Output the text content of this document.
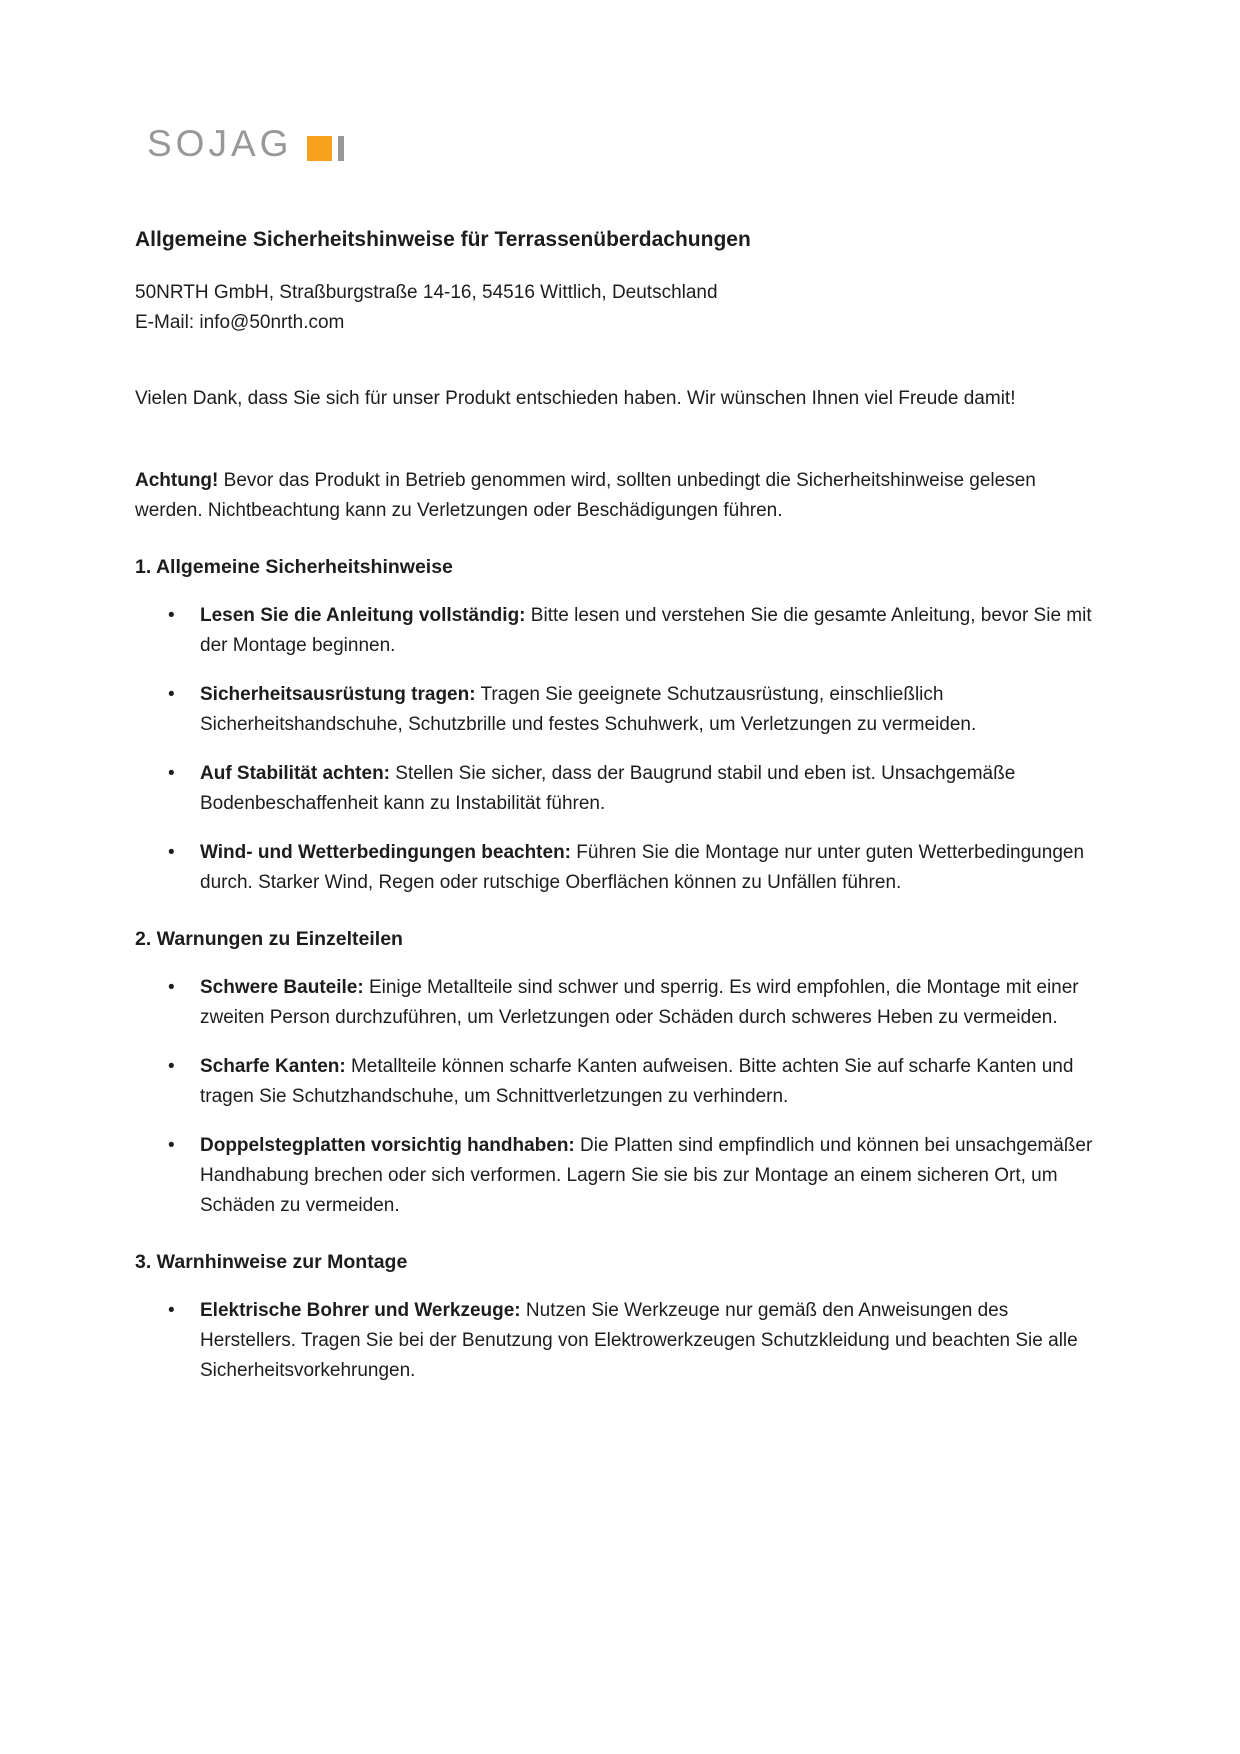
SOJAG
Allgemeine Sicherheitshinweise für Terrassenüberdachungen
50NRTH GmbH, Straßburgstraße 14-16, 54516 Wittlich, Deutschland
E-Mail: info@50nrth.com

Vielen Dank, dass Sie sich für unser Produkt entschieden haben. Wir wünschen Ihnen viel Freude damit!

Achtung! Bevor das Produkt in Betrieb genommen wird, sollten unbedingt die Sicherheitshinweise gelesen werden. Nichtbeachtung kann zu Verletzungen oder Beschädigungen führen.

1. Allgemeine Sicherheitshinweise
• Lesen Sie die Anleitung vollständig: Bitte lesen und verstehen Sie die gesamte Anleitung, bevor Sie mit der Montage beginnen.
• Sicherheitsausrüstung tragen: Tragen Sie geeignete Schutzausrüstung, einschließlich Sicherheitshandschuhe, Schutzbrille und festes Schuhwerk, um Verletzungen zu vermeiden.
• Auf Stabilität achten: Stellen Sie sicher, dass der Baugrund stabil und eben ist. Unsachgemäße Bodenbeschaffenheit kann zu Instabilität führen.
• Wind- und Wetterbedingungen beachten: Führen Sie die Montage nur unter guten Wetterbedingungen durch. Starker Wind, Regen oder rutschige Oberflächen können zu Unfällen führen.
2. Warnungen zu Einzelteilen
• Schwere Bauteile: Einige Metallteile sind schwer und sperrig. Es wird empfohlen, die Montage mit einer zweiten Person durchzuführen, um Verletzungen oder Schäden durch schweres Heben zu vermeiden.
• Scharfe Kanten: Metallteile können scharfe Kanten aufweisen. Bitte achten Sie auf scharfe Kanten und tragen Sie Schutzhandschuhe, um Schnittverletzungen zu verhindern.
• Doppelstegplatten vorsichtig handhaben: Die Platten sind empfindlich und können bei unsachgemäßer Handhabung brechen oder sich verformen. Lagern Sie sie bis zur Montage an einem sicheren Ort, um Schäden zu vermeiden.
3. Warnhinweise zur Montage
• Elektrische Bohrer und Werkzeuge: Nutzen Sie Werkzeuge nur gemäß den Anweisungen des Herstellers. Tragen Sie bei der Benutzung von Elektrowerkzeugen Schutzkleidung und beachten Sie alle Sicherheitsvorkehrungen.
